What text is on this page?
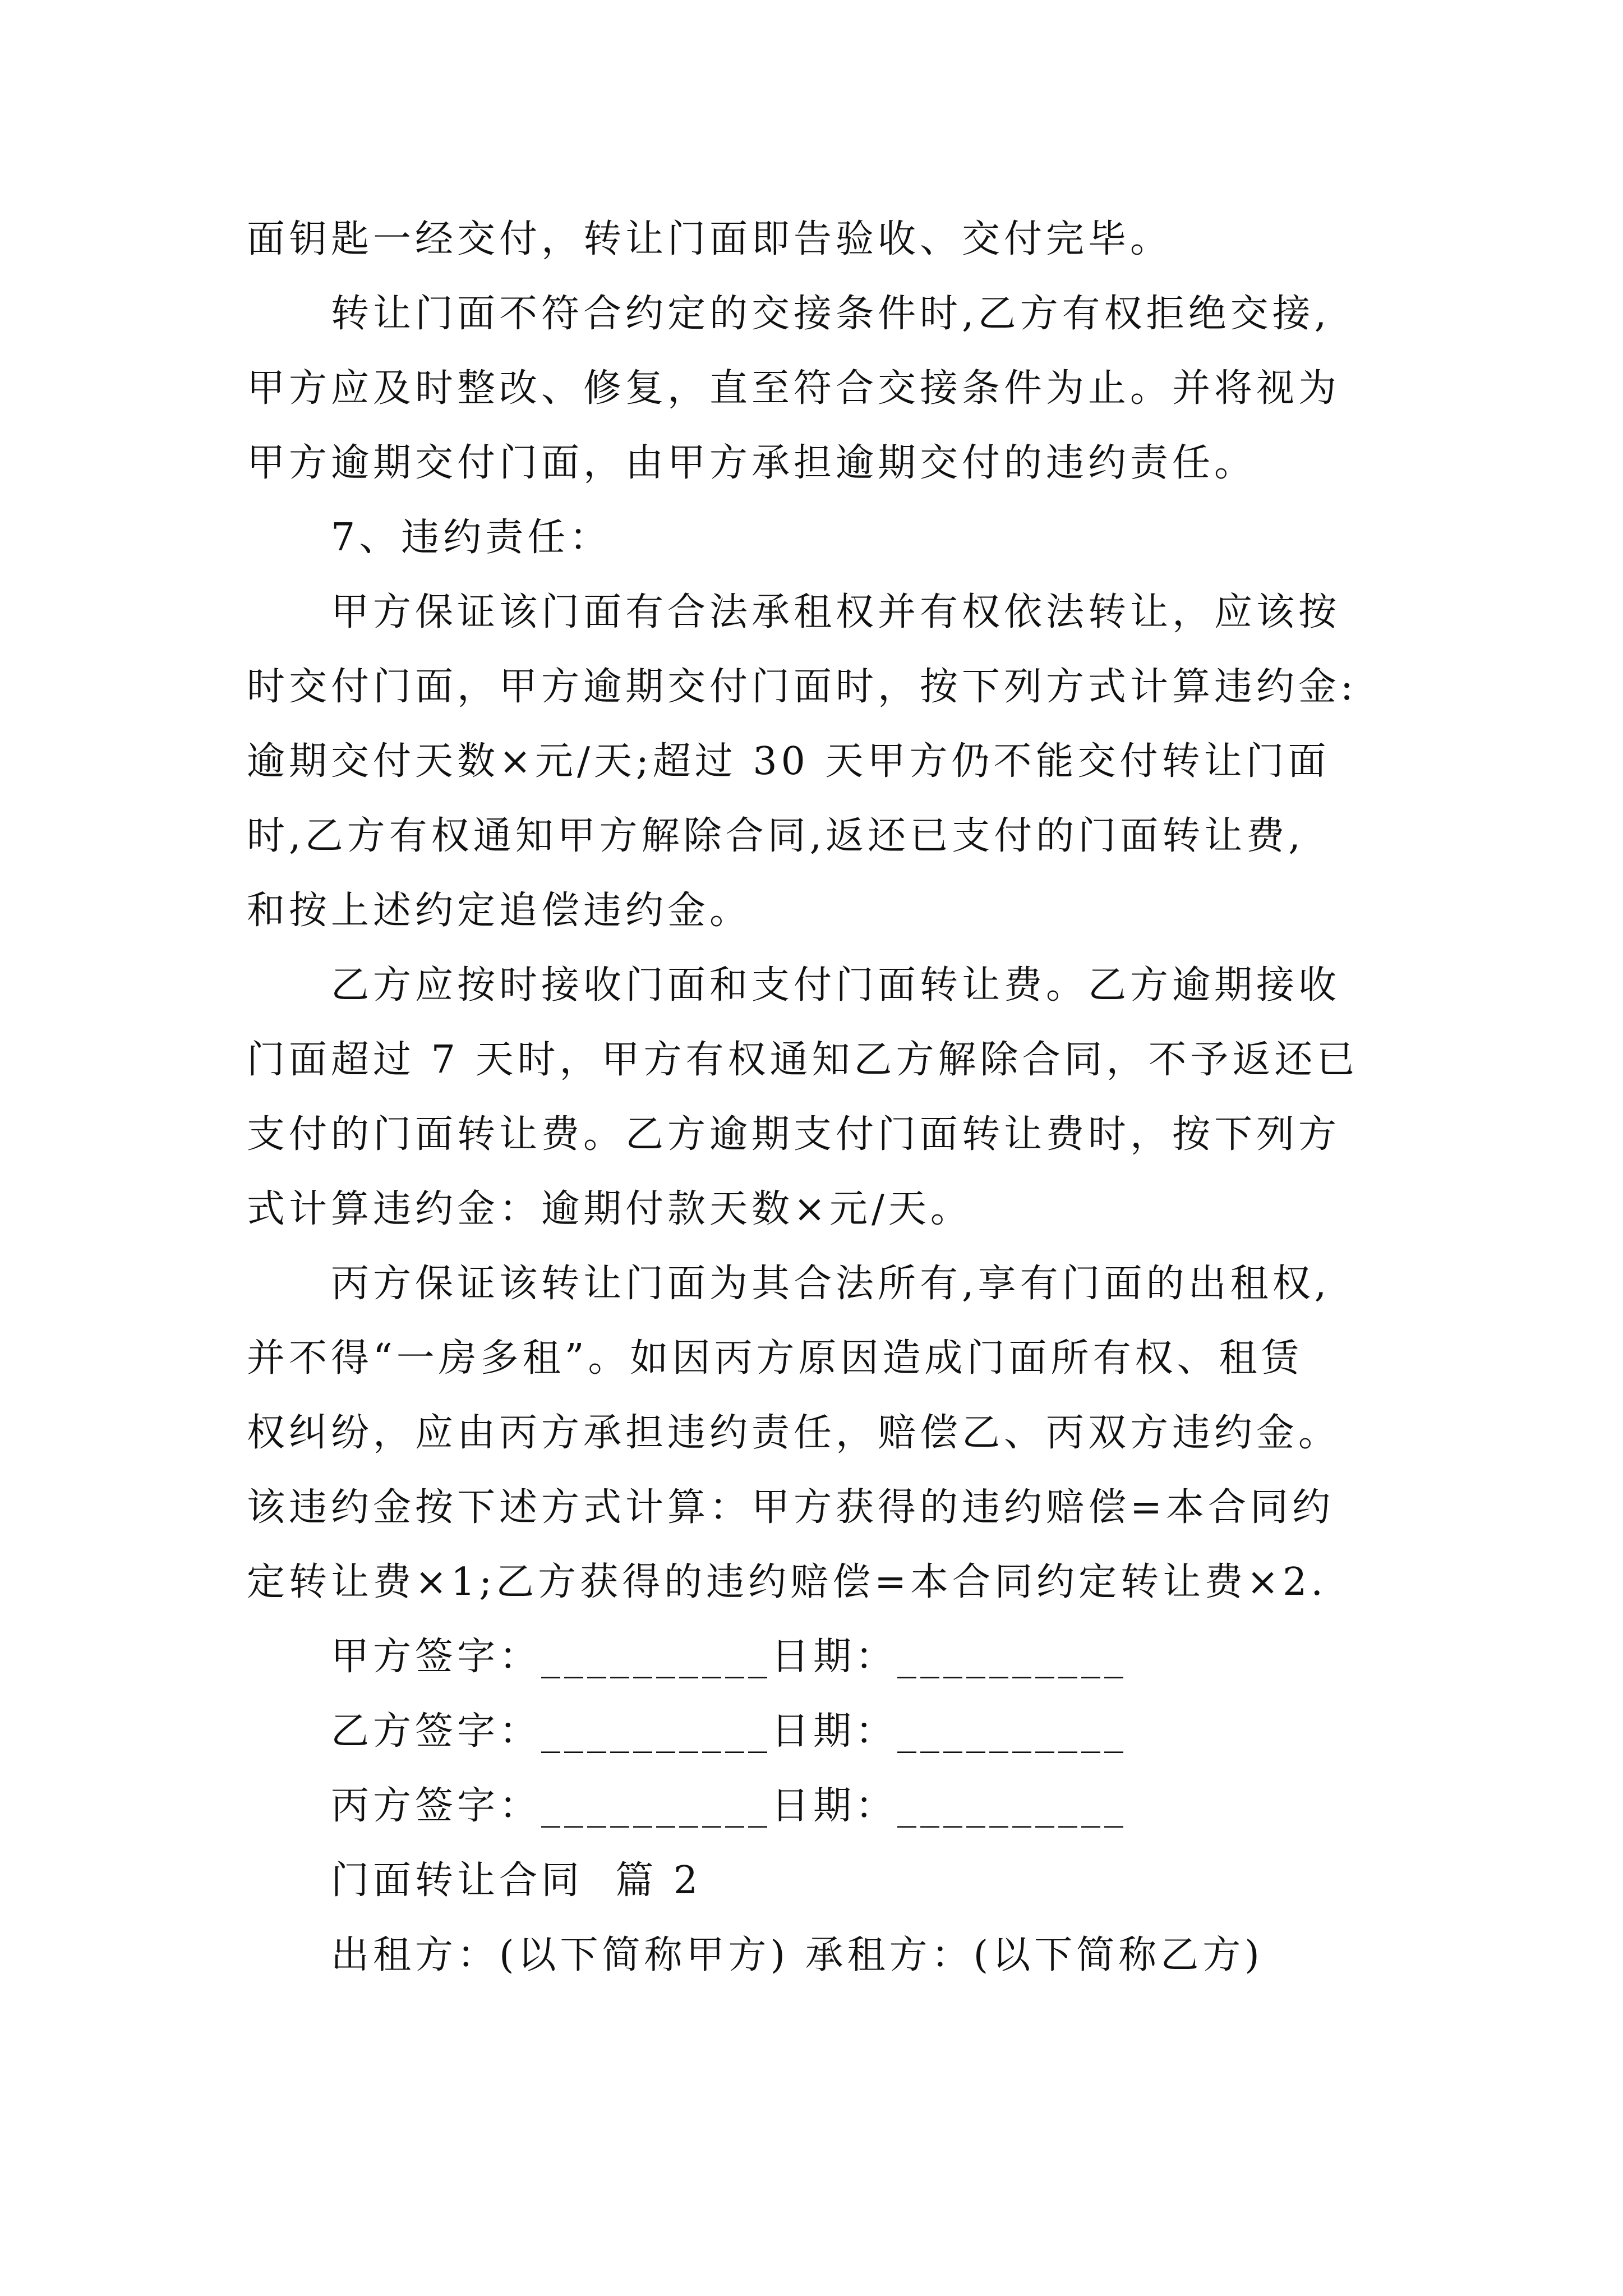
面钥匙一经交付，转让门面即告验收、交付完毕。
转让门面不符合约定的交接条件时,乙方有权拒绝交接,
甲方应及时整改、修复，直至符合交接条件为止。并将视为
甲方逾期交付门面，由甲方承担逾期交付的违约责任。
7、违约责任：
甲方保证该门面有合法承租权并有权依法转让，应该按
时交付门面，甲方逾期交付门面时，按下列方式计算违约金:
逾期交付天数×元/天;超过 30 天甲方仍不能交付转让门面
时,乙方有权通知甲方解除合同,返还已支付的门面转让费,
和按上述约定追偿违约金。
乙方应按时接收门面和支付门面转让费。乙方逾期接收
门面超过 7 天时，甲方有权通知乙方解除合同，不予返还已
支付的门面转让费。乙方逾期支付门面转让费时，按下列方
式计算违约金：逾期付款天数×元/天。
丙方保证该转让门面为其合法所有,享有门面的出租权,
并不得“一房多租”。如因丙方原因造成门面所有权、租赁
权纠纷，应由丙方承担违约责任，赔偿乙、丙双方违约金。
该违约金按下述方式计算：甲方获得的违约赔偿=本合同约
定转让费×1;乙方获得的违约赔偿=本合同约定转让费×2.
甲方签字：__________日期：__________
乙方签字：__________日期：__________
丙方签字：__________日期：__________
门面转让合同  篇 2
出租方：(以下简称甲方) 承租方：(以下简称乙方)
